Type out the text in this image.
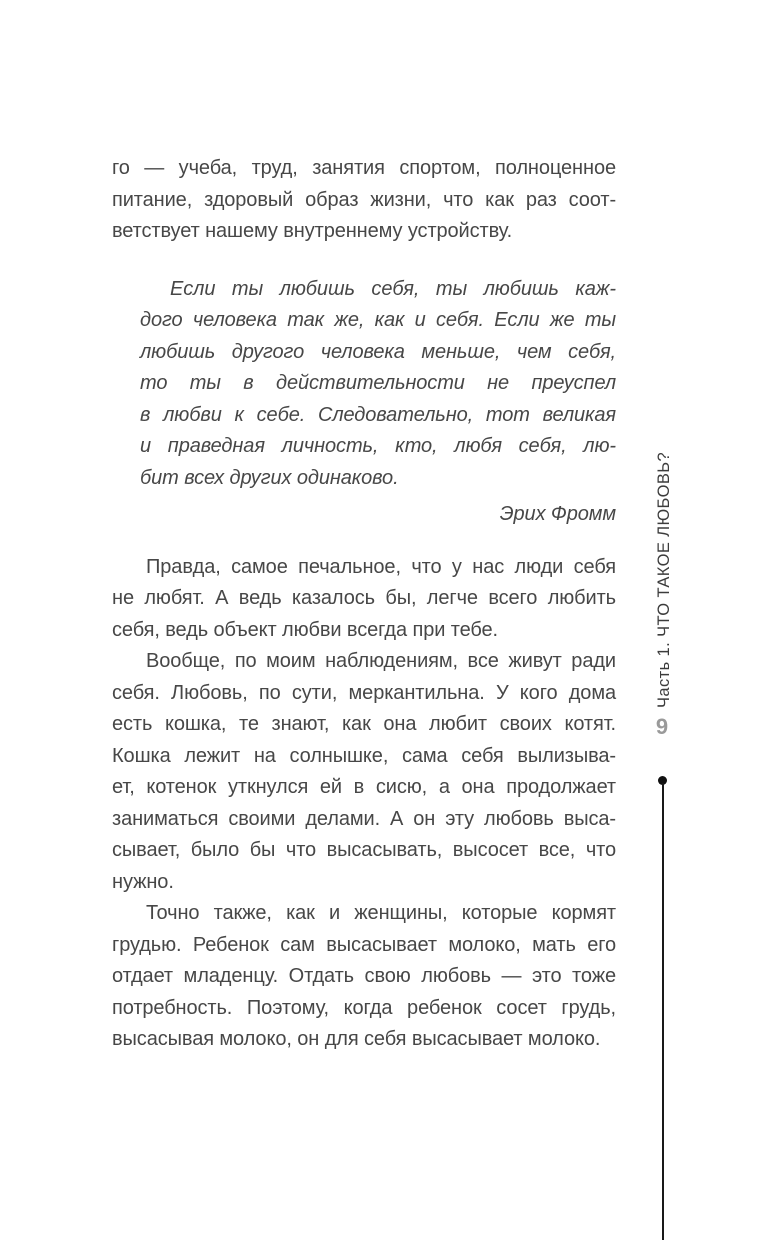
го — учеба, труд, занятия спортом, полноценное
питание, здоровый образ жизни, что как раз соот-
ветствует нашему внутреннему устройству.
Если ты любишь себя, ты любишь каж-
дого человека так же, как и себя. Если же ты
любишь другого человека меньше, чем себя,
то ты в действительности не преуспел
в любви к себе. Следовательно, тот великая
и праведная личность, кто, любя себя, лю-
бит всех других одинаково.
Эрих Фромм
Правда, самое печальное, что у нас люди себя
не любят. А ведь казалось бы, легче всего любить
себя, ведь объект любви всегда при тебе.
Вообще, по моим наблюдениям, все живут ради
себя. Любовь, по сути, меркантильна. У кого дома
есть кошка, те знают, как она любит своих котят.
Кошка лежит на солнышке, сама себя вылизыва-
ет, котенок уткнулся ей в сисю, а она продолжает
заниматься своими делами. А он эту любовь выса-
сывает, было бы что высасывать, высосет все, что
нужно.
Точно также, как и женщины, которые кормят
грудью. Ребенок сам высасывает молоко, мать его
отдает младенцу. Отдать свою любовь — это тоже
потребность. Поэтому, когда ребенок сосет грудь,
высасывая молоко, он для себя высасывает молоко.
Часть 1. ЧТО ТАКОЕ ЛЮБОВЬ?
9
